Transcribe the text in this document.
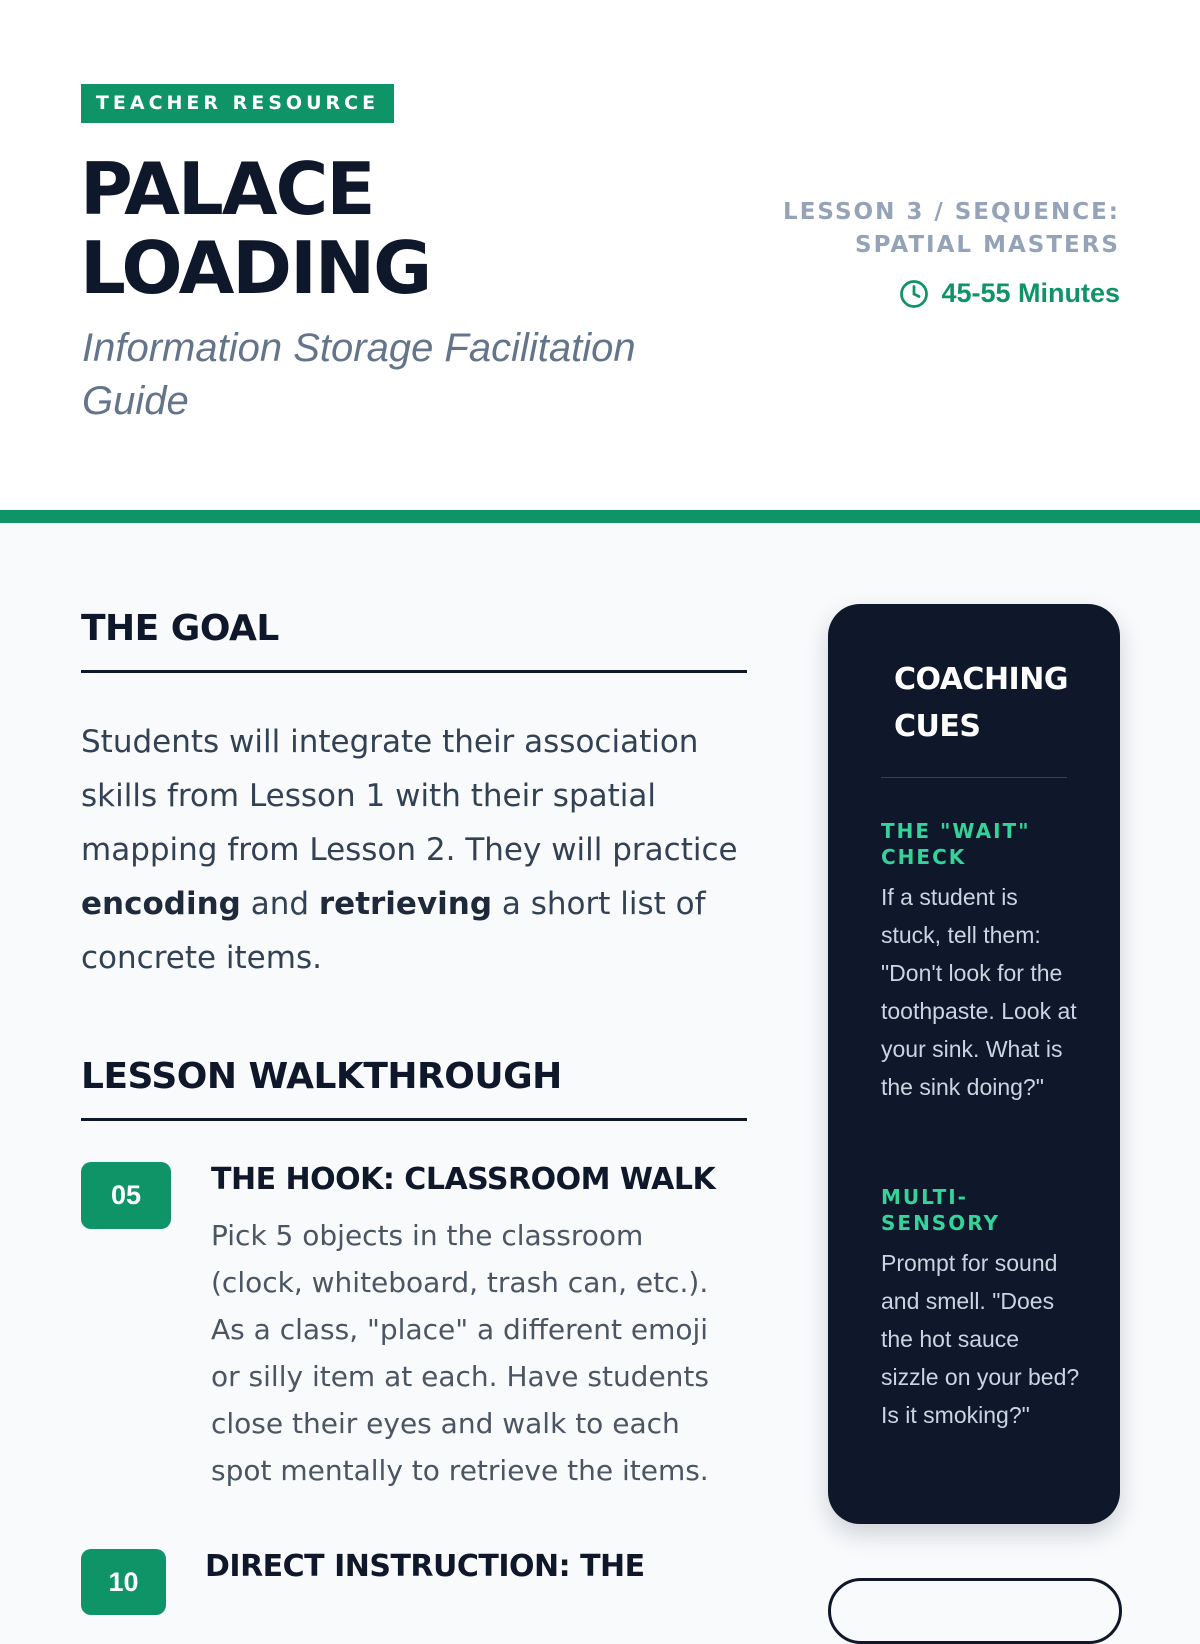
TEACHER RESOURCE
PALACE
LOADING
Information Storage Facilitation Guide
LESSON 3 / SEQUENCE: SPATIAL MASTERS
45-55 Minutes
THE GOAL
Students will integrate their association skills from Lesson 1 with their spatial mapping from Lesson 2. They will practice encoding and retrieving a short list of concrete items.
LESSON WALKTHROUGH
05	THE HOOK: CLASSROOM WALK
Pick 5 objects in the classroom (clock, whiteboard, trash can, etc.). As a class, "place" a different emoji or silly item at each. Have students close their eyes and walk to each spot mentally to retrieve the items.
10	DIRECT INSTRUCTION: THE
COACHING CUES
THE "WAIT" CHECK
If a student is stuck, tell them: "Don't look for the toothpaste. Look at your sink. What is the sink doing?"
MULTI-SENSORY
Prompt for sound and smell. "Does the hot sauce sizzle on your bed? Is it smoking?"
